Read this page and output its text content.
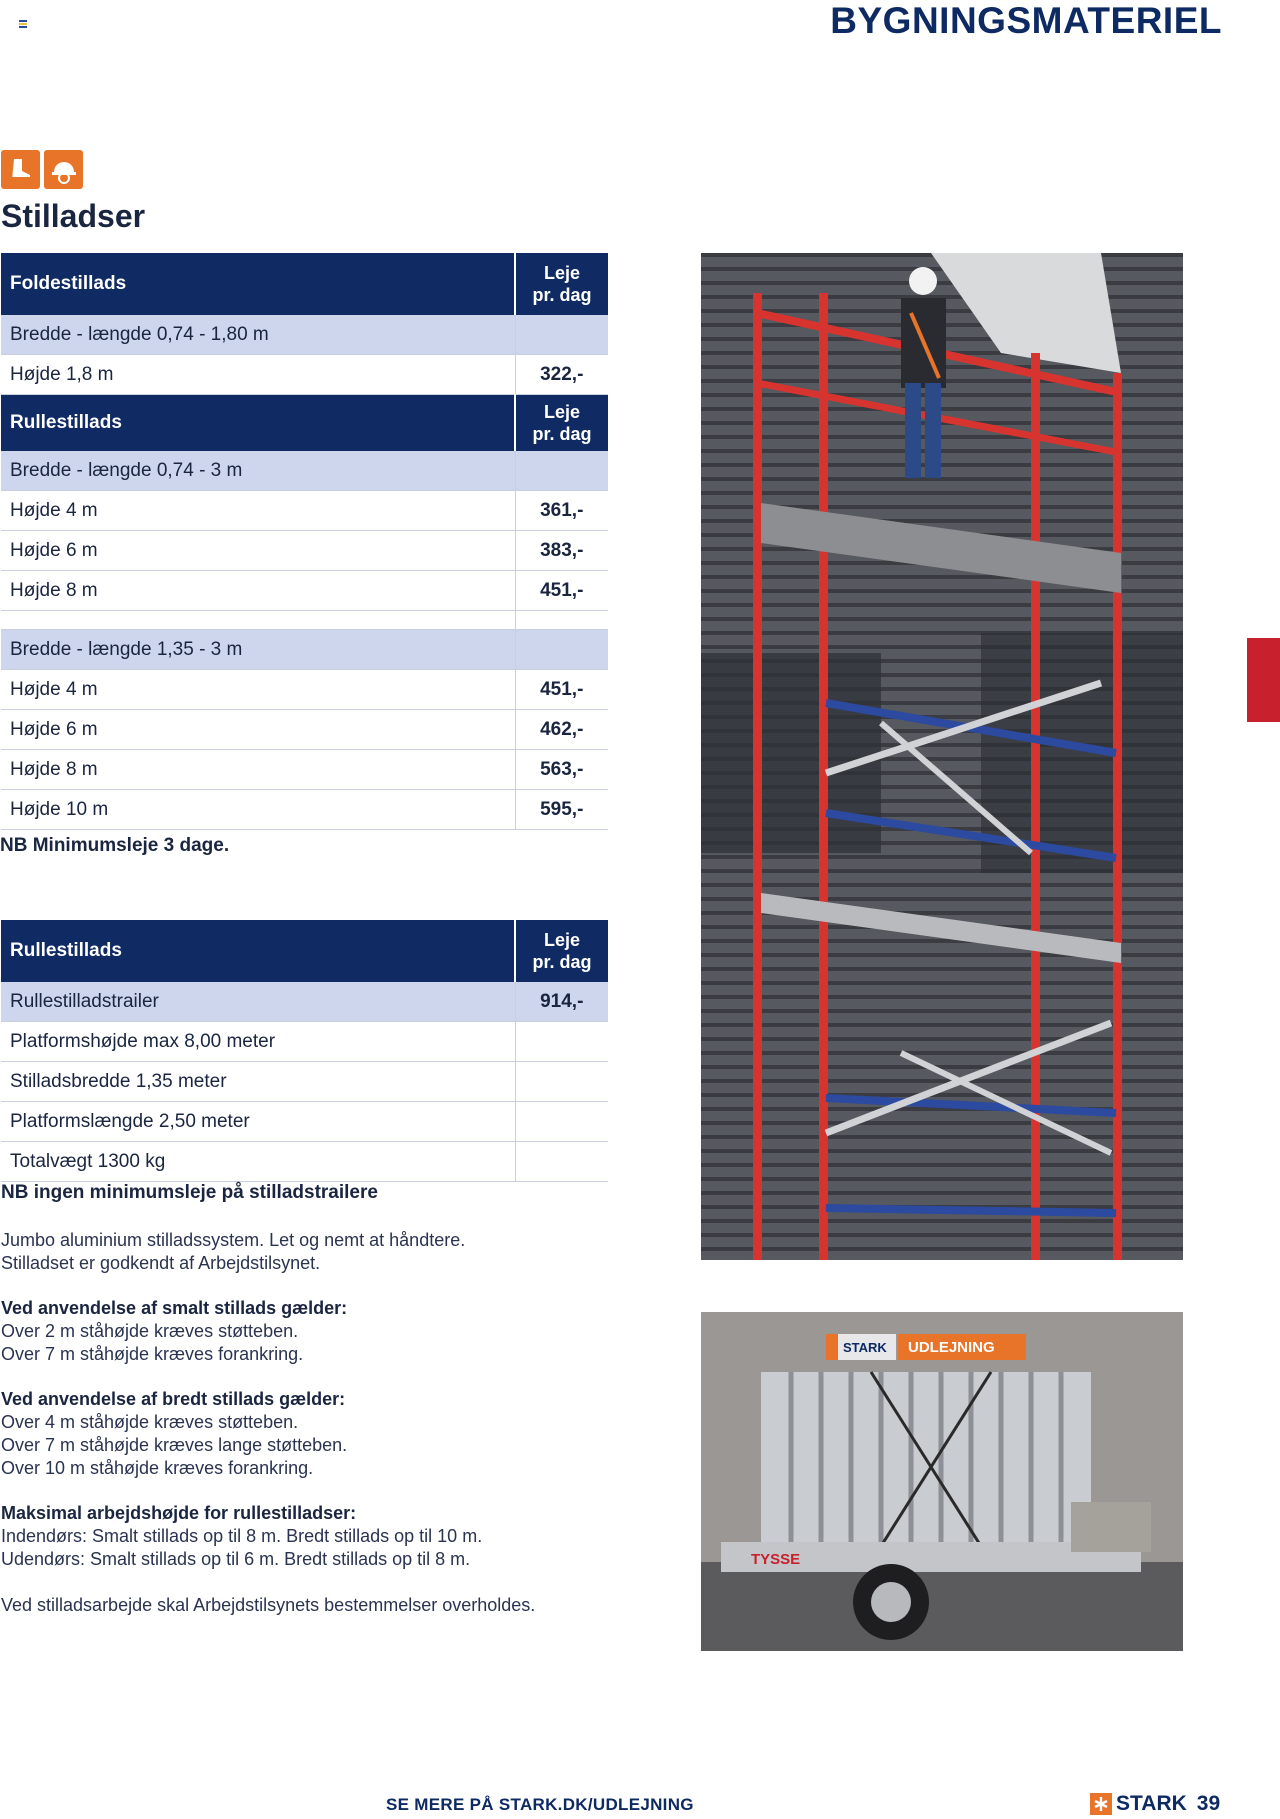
BYGNINGSMATERIEL
Stilladser
Foldestillads	Leje
pr. dag
Bredde - længde 0,74 - 1,80 m	
Højde 1,8 m	322,-
Rullestillads	Leje
pr. dag
Bredde - længde 0,74 - 3 m	
Højde 4 m	361,-
Højde 6 m	383,-
Højde 8 m	451,-

Bredde - længde 1,35 - 3 m	
Højde 4 m	451,-
Højde 6 m	462,-
Højde 8 m	563,-
Højde 10 m	595,-
NB Minimumsleje 3 dage.
Rullestillads	Leje
pr. dag
Rullestilladstrailer	914,-
Platformshøjde max 8,00 meter	
Stilladsbredde 1,35 meter	
Platformslængde 2,50 meter	
Totalvægt 1300 kg	
NB ingen minimumsleje på stilladstrailere
Jumbo aluminium stilladssystem. Let og nemt at håndtere.
Stilladset er godkendt af Arbejdstilsynet.
Ved anvendelse af smalt stillads gælder:
Over 2 m ståhøjde kræves støtteben.
Over 7 m ståhøjde kræves forankring.
Ved anvendelse af bredt stillads gælder:
Over 4 m ståhøjde kræves støtteben.
Over 7 m ståhøjde kræves lange støtteben.
Over 10 m ståhøjde kræves forankring.
Maksimal arbejdshøjde for rullestilladser:
Indendørs: Smalt stillads op til 8 m. Bredt stillads op til 10 m.
Udendørs: Smalt stillads op til 6 m. Bredt stillads op til 8 m.
Ved stilladsarbejde skal Arbejdstilsynets bestemmelser overholdes.
STARK UDLEJNING
TYSSE
SE MERE PÅ STARK.DK/UDLEJNING	STARK 39
